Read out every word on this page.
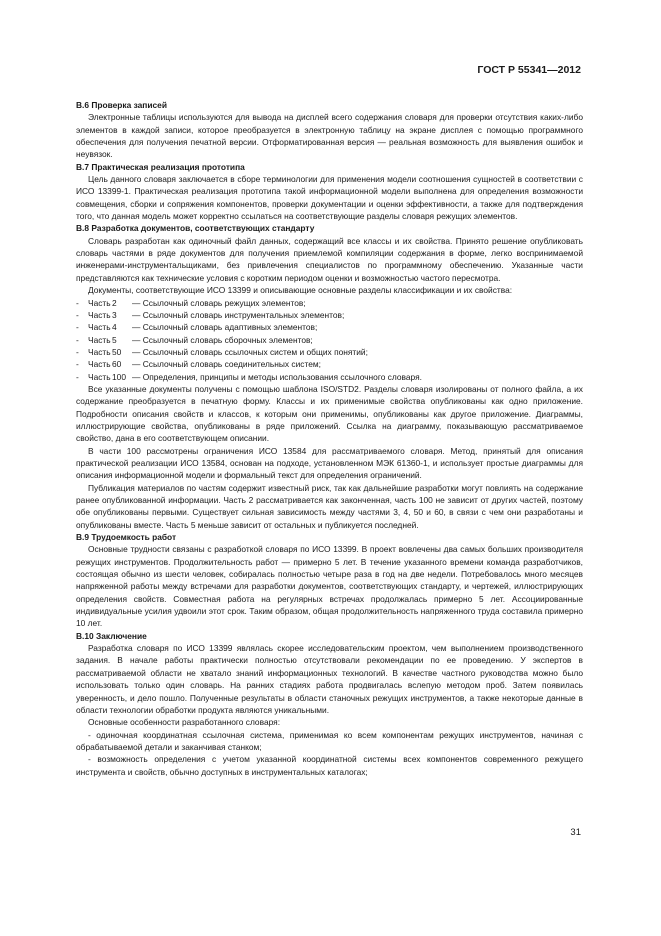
ГОСТ Р 55341—2012

В.6 Проверка записей

Электронные таблицы используются для вывода на дисплей всего содержания словаря для проверки отсутствия каких-либо элементов в каждой записи, которое преобразуется в электронную таблицу на экране дисплея с помощью программного обеспечения для получения печатной версии. Отформатированная версия — реальная возможность для выявления ошибок и неувязок.

В.7 Практическая реализация прототипа

Цель данного словаря заключается в сборе терминологии для применения модели соотношения сущностей в соответствии с ИСО 13399-1. Практическая реализация прототипа такой информационной модели выполнена для определения возможности совмещения, сборки и сопряжения компонентов, проверки документации и оценки эффективности, а также для подтверждения того, что данная модель может корректно ссылаться на соответствующие разделы словаря режущих элементов.

В.8 Разработка документов, соответствующих стандарту

Словарь разработан как одиночный файл данных, содержащий все классы и их свойства. Принято решение опубликовать словарь частями в ряде документов для получения приемлемой компиляции содержания в форме, легко воспринимаемой инженерами-инструментальщиками, без привлечения специалистов по программному обеспечению. Указанные части представляются как технические условия с коротким периодом оценки и возможностью частого пересмотра.

Документы, соответствующие ИСО 13399 и описывающие основные разделы классификации и их свойства:

-	Часть 2	— Ссылочный словарь режущих элементов;
-	Часть 3	— Ссылочный словарь инструментальных элементов;
-	Часть 4	— Ссылочный словарь адаптивных элементов;
-	Часть 5	— Ссылочный словарь сборочных элементов;
-	Часть 50	— Ссылочный словарь ссылочных систем и общих понятий;
-	Часть 60	— Ссылочный словарь соединительных систем;
-	Часть 100 — Определения, принципы и методы использования ссылочного словаря.

Все указанные документы получены с помощью шаблона ISO/STD2. Разделы словаря изолированы от полного файла, а их содержание преобразуется в печатную форму. Классы и их применимые свойства опубликованы как одно приложение. Подробности описания свойств и классов, к которым они применимы, опубликованы как другое приложение. Диаграммы, иллюстрирующие свойства, опубликованы в ряде приложений. Ссылка на диаграмму, показывающую рассматриваемое свойство, дана в его соответствующем описании.

В части 100 рассмотрены ограничения ИСО 13584 для рассматриваемого словаря. Метод, принятый для описания практической реализации ИСО 13584, основан на подходе, установленном МЭК 61360-1, и использует простые диаграммы для описания информационной модели и формальный текст для определения ограничений.

Публикация материалов по частям содержит известный риск, так как дальнейшие разработки могут повлиять на содержание ранее опубликованной информации. Часть 2 рассматривается как законченная, часть 100 не зависит от других частей, поэтому обе опубликованы первыми. Существует сильная зависимость между частями 3, 4, 50 и 60, в связи с чем они разработаны и опубликованы вместе. Часть 5 меньше зависит от остальных и публикуется последней.

В.9 Трудоемкость работ

Основные трудности связаны с разработкой словаря по ИСО 13399. В проект вовлечены два самых больших производителя режущих инструментов. Продолжительность работ — примерно 5 лет. В течение указанного времени команда разработчиков, состоящая обычно из шести человек, собиралась полностью четыре раза в год на две недели. Потребовалось много месяцев напряженной работы между встречами для разработки документов, соответствующих стандарту, и чертежей, иллюстрирующих определения свойств. Совместная работа на регулярных встречах продолжалась примерно 5 лет. Ассоциированные индивидуальные усилия удвоили этот срок. Таким образом, общая продолжительность напряженного труда составила примерно 10 лет.

В.10 Заключение

Разработка словаря по ИСО 13399 являлась скорее исследовательским проектом, чем выполнением производственного задания. В начале работы практически полностью отсутствовали рекомендации по ее проведению. У экспертов в рассматриваемой области не хватало знаний информационных технологий. В качестве частного руководства можно было использовать только один словарь. На ранних стадиях работа продвигалась вслепую методом проб. Затем появилась уверенность, и дело пошло. Полученные результаты в области станочных режущих инструментов, а также некоторые данные в области технологии обработки продукта являются уникальными.

Основные особенности разработанного словаря:

- одиночная координатная ссылочная система, применимая ко всем компонентам режущих инструментов, начиная с обрабатываемой детали и заканчивая станком;

- возможность определения с учетом указанной координатной системы всех компонентов современного режущего инструмента и свойств, обычно доступных в инструментальных каталогах;

31
